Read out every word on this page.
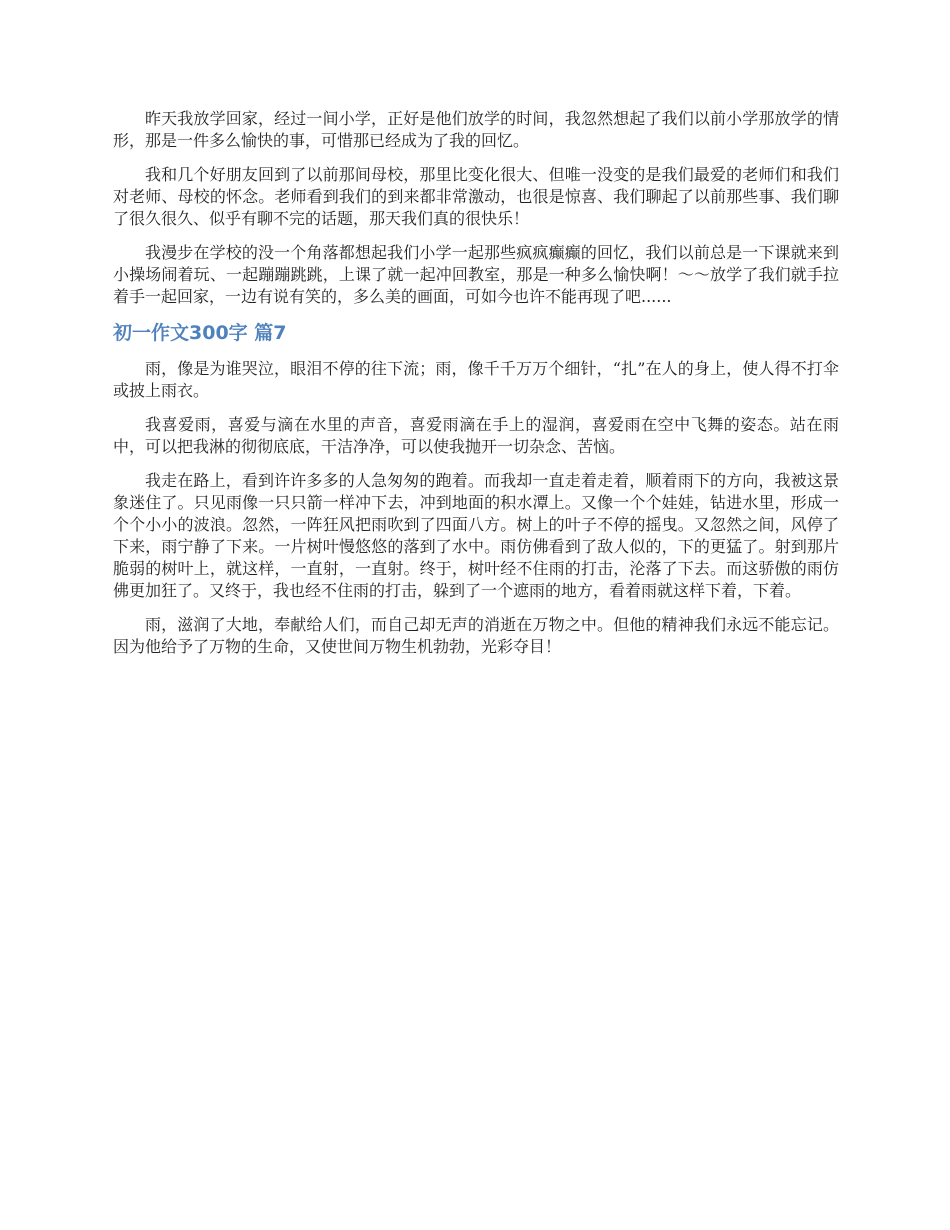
昨天我放学回家，经过一间小学，正好是他们放学的时间，我忽然想起了我们以前小学那放学的情形，那是一件多么愉快的事，可惜那已经成为了我的回忆。

我和几个好朋友回到了以前那间母校，那里比变化很大、但唯一没变的是我们最爱的老师们和我们对老师、母校的怀念。老师看到我们的到来都非常激动，也很是惊喜、我们聊起了以前那些事、我们聊了很久很久、似乎有聊不完的话题，那天我们真的很快乐！

我漫步在学校的没一个角落都想起我们小学一起那些疯疯癫癫的回忆，我们以前总是一下课就来到小操场闹着玩、一起蹦蹦跳跳，上课了就一起冲回教室，那是一种多么愉快啊！～～放学了我们就手拉着手一起回家，一边有说有笑的，多么美的画面，可如今也许不能再现了吧......

初一作文300字 篇7

雨，像是为谁哭泣，眼泪不停的往下流；雨，像千千万万个细针，“扎”在人的身上，使人得不打伞或披上雨衣。

我喜爱雨，喜爱与滴在水里的声音，喜爱雨滴在手上的湿润，喜爱雨在空中飞舞的姿态。站在雨中，可以把我淋的彻彻底底，干洁净净，可以使我抛开一切杂念、苦恼。

我走在路上，看到许许多多的人急匆匆的跑着。而我却一直走着走着，顺着雨下的方向，我被这景象迷住了。只见雨像一只只箭一样冲下去，冲到地面的积水潭上。又像一个个娃娃，钻进水里，形成一个个小小的波浪。忽然，一阵狂风把雨吹到了四面八方。树上的叶子不停的摇曳。又忽然之间，风停了下来，雨宁静了下来。一片树叶慢悠悠的落到了水中。雨仿佛看到了敌人似的，下的更猛了。射到那片脆弱的树叶上，就这样，一直射，一直射。终于，树叶经不住雨的打击，沦落了下去。而这骄傲的雨仿佛更加狂了。又终于，我也经不住雨的打击，躲到了一个遮雨的地方，看着雨就这样下着，下着。

雨，滋润了大地，奉献给人们，而自己却无声的消逝在万物之中。但他的精神我们永远不能忘记。因为他给予了万物的生命，又使世间万物生机勃勃，光彩夺目！
